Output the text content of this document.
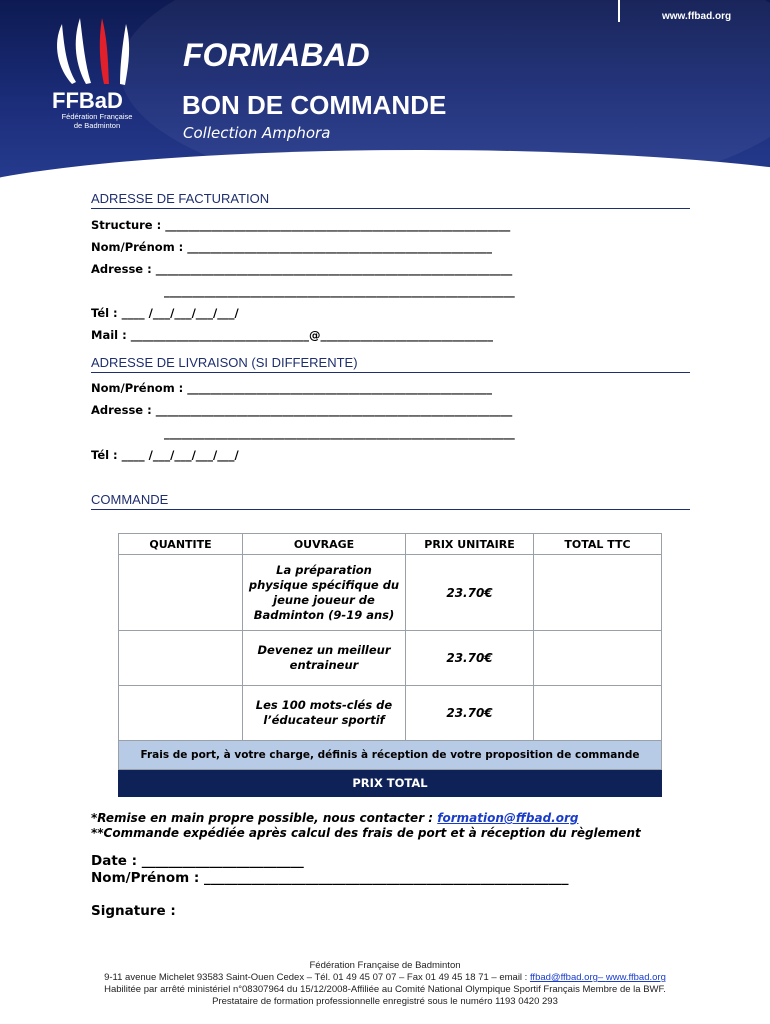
www.ffbad.org
FFBaD
Fédération Française
de Badminton
FORMABAD
BON DE COMMANDE
Collection Amphora
ADRESSE DE FACTURATION
Structure : ____________________________________________________________
Nom/Prénom : _____________________________________________________
Adresse : ______________________________________________________________
_____________________________________________________________
Tél : ____ /___/___/___/___/
Mail : _______________________________@______________________________
ADRESSE DE LIVRAISON (SI DIFFERENTE)
Nom/Prénom : _____________________________________________________
Adresse : ______________________________________________________________
_____________________________________________________________
Tél : ____ /___/___/___/___/
COMMANDE
QUANTITE	OUVRAGE	PRIX UNITAIRE	TOTAL TTC
	La préparation physique spécifique du jeune joueur de Badminton (9-19 ans)	23.70€	
	Devenez un meilleur entraineur	23.70€	
	Les 100 mots-clés de l’éducateur sportif	23.70€	
Frais de port, à votre charge, définis à réception de votre proposition de commande			
PRIX TOTAL			
*Remise en main propre possible, nous contacter : formation@ffbad.org
**Commande expédiée après calcul des frais de port et à réception du règlement
Date : ________________________
Nom/Prénom : ______________________________________________________
Signature :
Fédération Française de Badminton
9-11 avenue Michelet 93583 Saint-Ouen Cedex – Tél. 01 49 45 07 07 – Fax 01 49 45 18 71 – email : ffbad@ffbad.org– www.ffbad.org
Habilitée par arrêté ministériel n°08307964 du 15/12/2008-Affiliée au Comité National Olympique Sportif Français Membre de la BWF.
Prestataire de formation professionnelle enregistré sous le numéro 1193 0420 293
